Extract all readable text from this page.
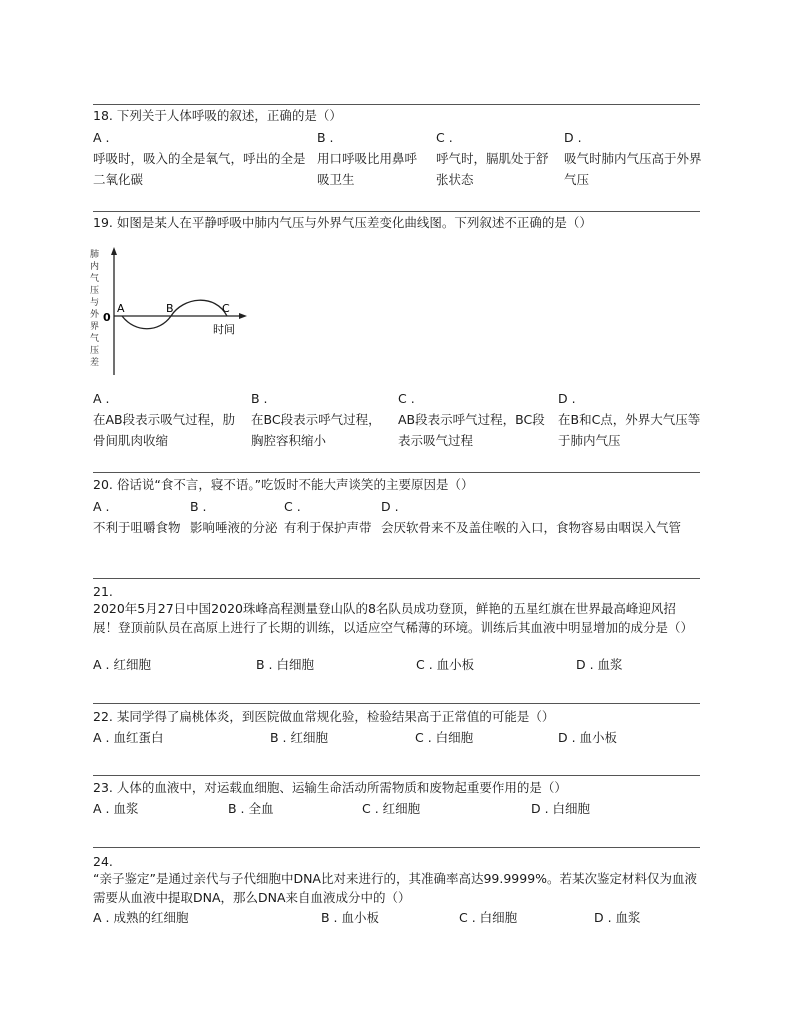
18. 下列关于人体呼吸的叙述，正确的是（）
A .
呼吸时，吸入的全是氧气，呼出的全是二氧化碳
B .
用口呼吸比用鼻呼吸卫生
C .
呼气时，膈肌处于舒张状态
D .
吸气时肺内气压高于外界气压
19. 如图是某人在平静呼吸中肺内气压与外界气压差变化曲线图。下列叙述不正确的是（）
肺
内
气
压
与
外
界
气
压
差
0
A	B	C
时间
A .
在AB段表示吸气过程，肋骨间肌肉收缩
B .
在BC段表示呼气过程，胸腔容积缩小
C .
AB段表示呼气过程，BC段表示吸气过程
D .
在B和C点，外界大气压等于肺内气压
20. 俗话说“食不言，寝不语。”吃饭时不能大声谈笑的主要原因是（）
A .
不利于咀嚼食物
B .
影响唾液的分泌
C .
有利于保护声带
D .
会厌软骨来不及盖住喉的入口，食物容易由咽误入气管
21.
2020年5月27日中国2020珠峰高程测量登山队的8名队员成功登顶，鲜艳的五星红旗在世界最高峰迎风招展！登顶前队员在高原上进行了长期的训练，以适应空气稀薄的环境。训练后其血液中明显增加的成分是（）
A . 红细胞	B . 白细胞	C . 血小板	D . 血浆
22. 某同学得了扁桃体炎，到医院做血常规化验，检验结果高于正常值的可能是（）
A . 血红蛋白	B . 红细胞	C . 白细胞	D . 血小板
23. 人体的血液中，对运载血细胞、运输生命活动所需物质和废物起重要作用的是（）
A . 血浆	B . 全血	C . 红细胞	D . 白细胞
24.
“亲子鉴定”是通过亲代与子代细胞中DNA比对来进行的，其准确率高达99.9999%。若某次鉴定材料仅为血液需要从血液中提取DNA，那么DNA来自血液成分中的（）
A . 成熟的红细胞	B . 血小板	C . 白细胞	D . 血浆
